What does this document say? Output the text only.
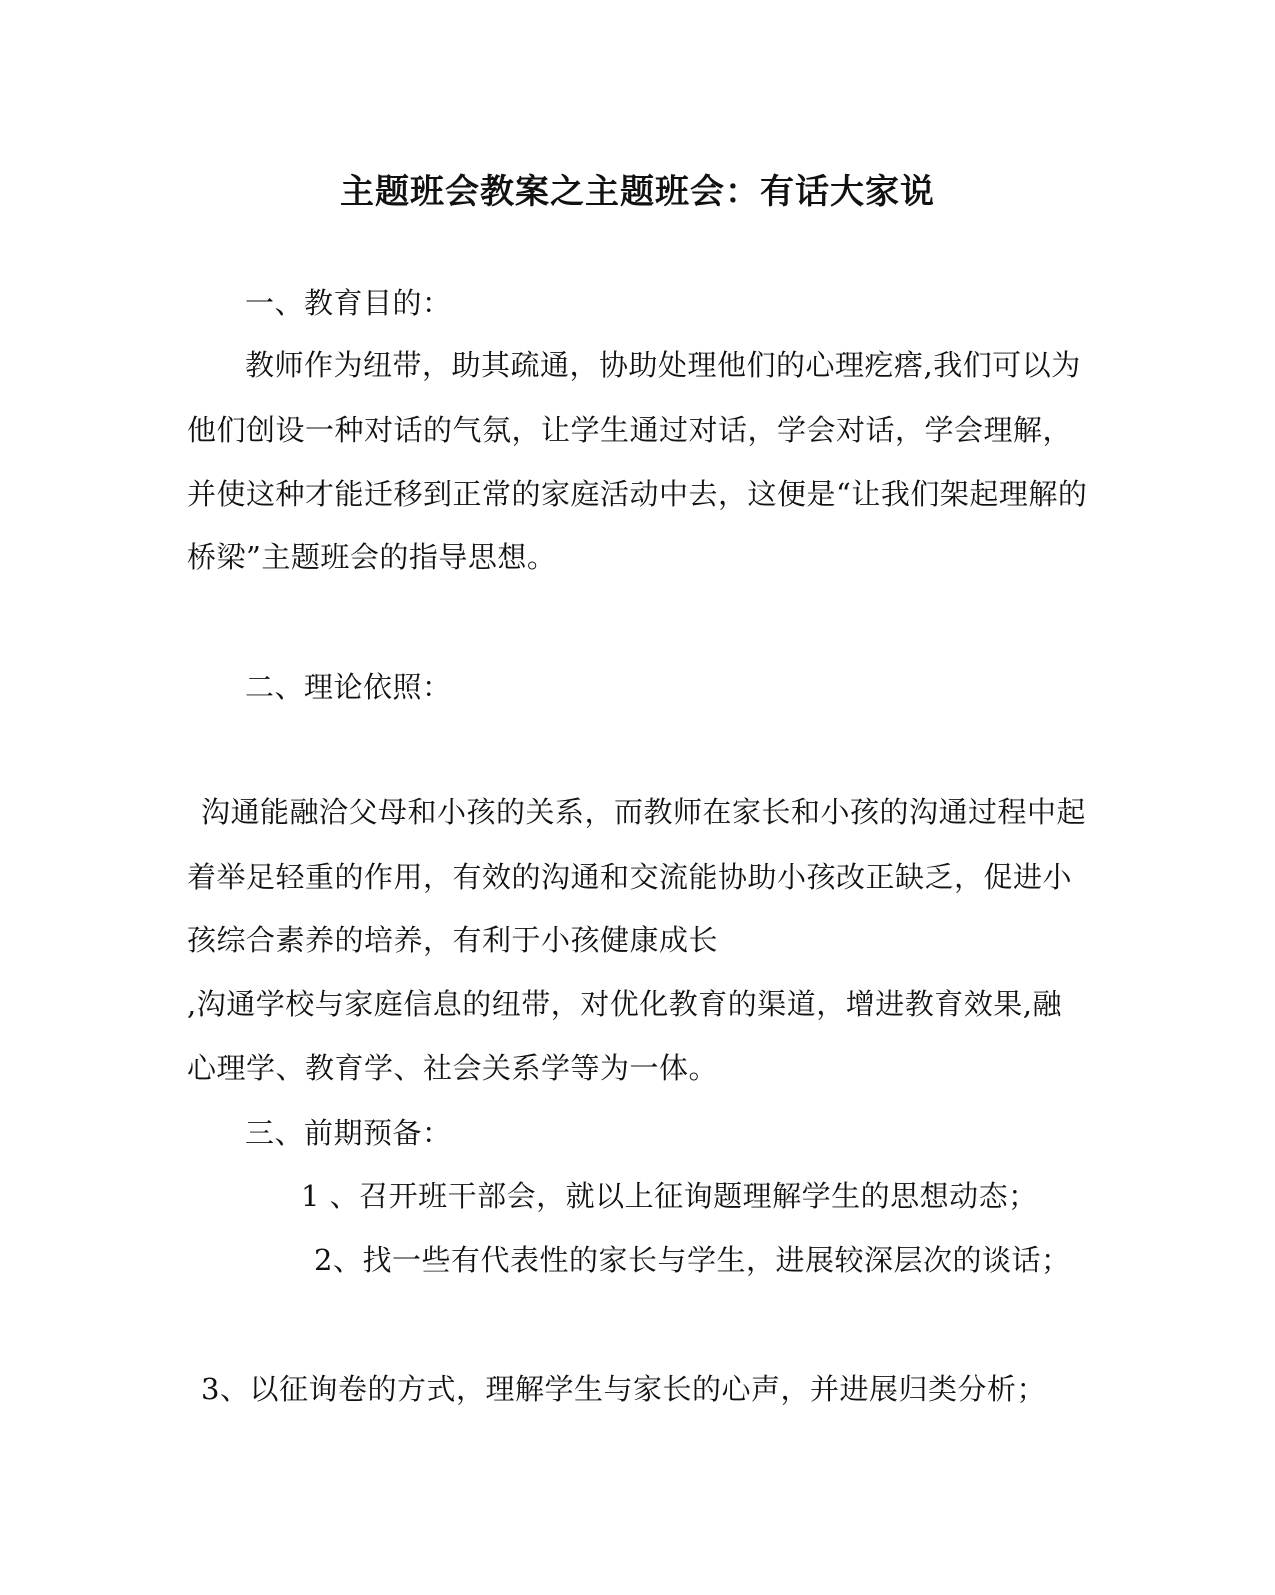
主题班会教案之主题班会：有话大家说
一、教育目的：
教师作为纽带，助其疏通，协助处理他们的心理疙瘩,我们可以为
他们创设一种对话的气氛，让学生通过对话，学会对话，学会理解，
并使这种才能迁移到正常的家庭活动中去，这便是“让我们架起理解的
桥梁”主题班会的指导思想。
二、理论依照：
沟通能融洽父母和小孩的关系，而教师在家长和小孩的沟通过程中起
着举足轻重的作用，有效的沟通和交流能协助小孩改正缺乏，促进小
孩综合素养的培养，有利于小孩健康成长
,沟通学校与家庭信息的纽带，对优化教育的渠道，增进教育效果,融
心理学、教育学、社会关系学等为一体。
三、前期预备：
1 、召开班干部会，就以上征询题理解学生的思想动态；
2、找一些有代表性的家长与学生，进展较深层次的谈话；
3、以征询卷的方式，理解学生与家长的心声，并进展归类分析；
